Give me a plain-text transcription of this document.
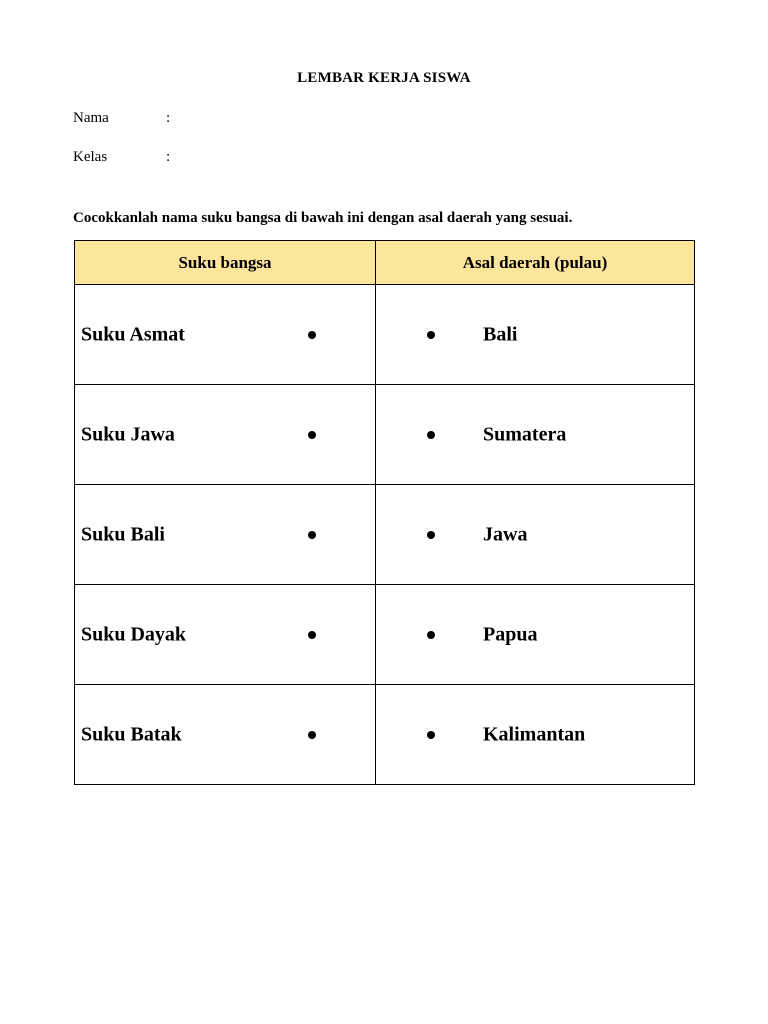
LEMBAR KERJA SISWA
Nama	:
Kelas	:
Cocokkanlah nama suku bangsa di bawah ini dengan asal daerah yang sesuai.
Suku bangsa	Asal daerah (pulau)

Suku Asmat	Bali

Suku Jawa	Sumatera

Suku Bali	Jawa

Suku Dayak	Papua

Suku Batak	Kalimantan
